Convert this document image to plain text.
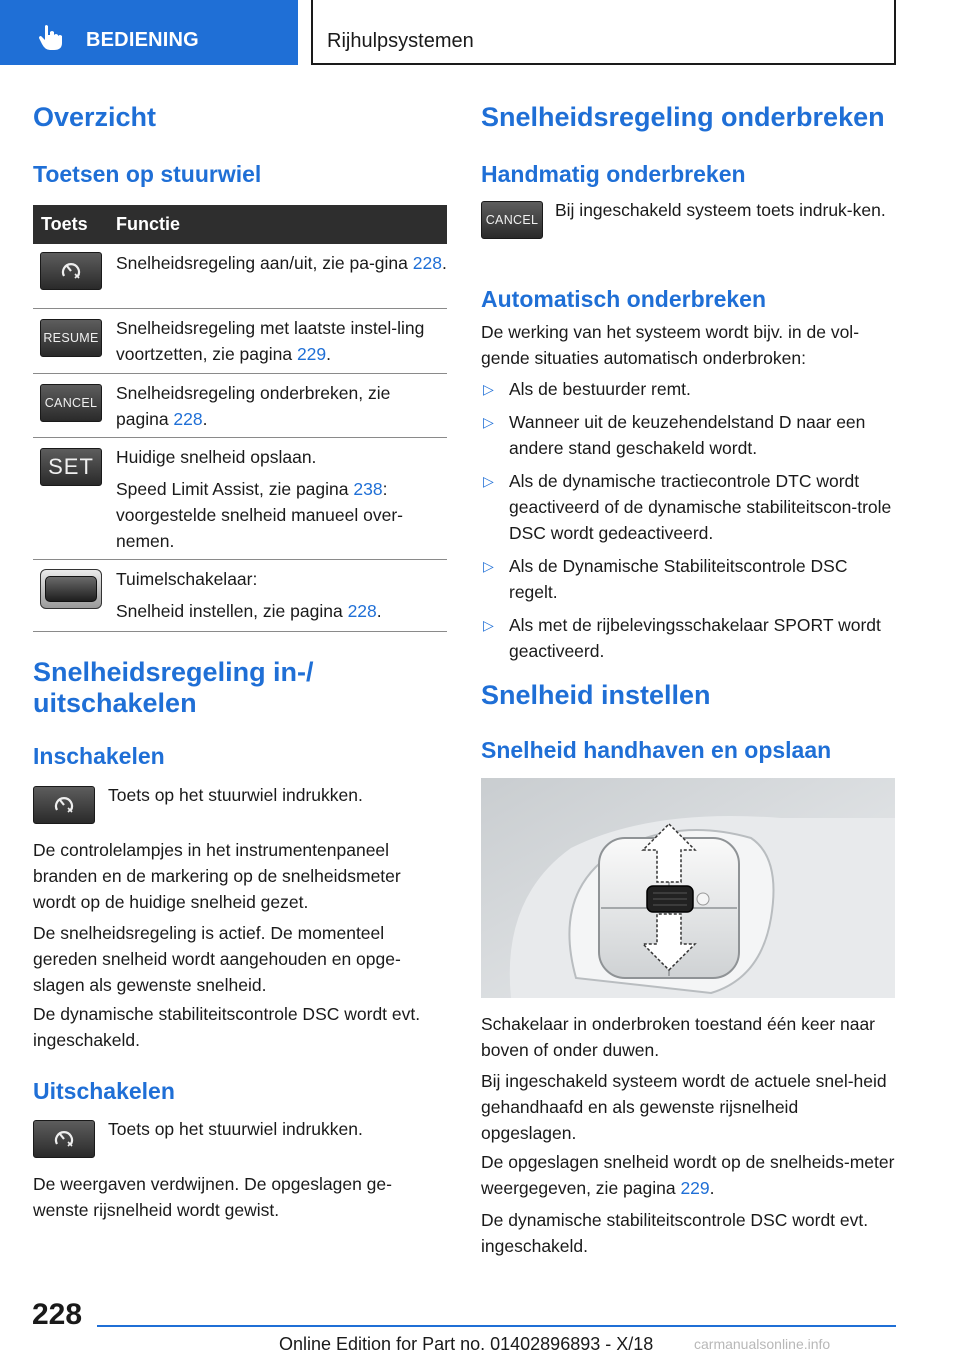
BEDIENING	Rijhulpsystemen
Overzicht
Toetsen op stuurwiel
Toets	Functie

Snelheidsregeling aan/uit, zie pa-gina 228.

RESUME Snelheidsregeling met laatste instel-ling voortzetten, zie pagina 229.

CANCEL Snelheidsregeling onderbreken, zie pagina 228.

SET	Huidige snelheid opslaan.

Speed Limit Assist, zie pagina 238: voorgestelde snelheid manueel over-nemen.

Tuimelschakelaar:

Snelheid instellen, zie pagina 228.

Snelheidsregeling in-/ uitschakelen
Inschakelen

Toets op het stuurwiel indrukken.

De controlelampjes in het instrumentenpaneel branden en de markering op de snelheidsmeter wordt op de huidige snelheid gezet.

De snelheidsregeling is actief. De momenteel gereden snelheid wordt aangehouden en opge-slagen als gewenste snelheid.

De dynamische stabiliteitscontrole DSC wordt evt. ingeschakeld.

Uitschakelen

Toets op het stuurwiel indrukken.

De weergaven verdwijnen. De opgeslagen ge-wenste rijsnelheid wordt gewist.

Snelheidsregeling onderbreken
Handmatig onderbreken
CANCEL Bij ingeschakeld systeem toets indruk-ken.

Automatisch onderbreken

De werking van het systeem wordt bijv. in de vol-gende situaties automatisch onderbroken:

▷ Als de bestuurder remt.
▷ Wanneer uit de keuzehendelstand D naar een andere stand geschakeld wordt.
▷ Als de dynamische tractiecontrole DTC wordt geactiveerd of de dynamische stabiliteitscon-trole DSC wordt gedeactiveerd.
▷ Als de Dynamische Stabiliteitscontrole DSC regelt.
▷ Als met de rijbelevingsschakelaar SPORT wordt geactiveerd.
Snelheid instellen
Snelheid handhaven en opslaan

Schakelaar in onderbroken toestand één keer naar boven of onder duwen.

Bij ingeschakeld systeem wordt de actuele snel-heid gehandhaafd en als gewenste rijsnelheid opgeslagen.

De opgeslagen snelheid wordt op de snelheids-meter weergegeven, zie pagina 229.

De dynamische stabiliteitscontrole DSC wordt evt. ingeschakeld.

228
Online Edition for Part no. 01402896893 - X/18	carmanualsonline.info
